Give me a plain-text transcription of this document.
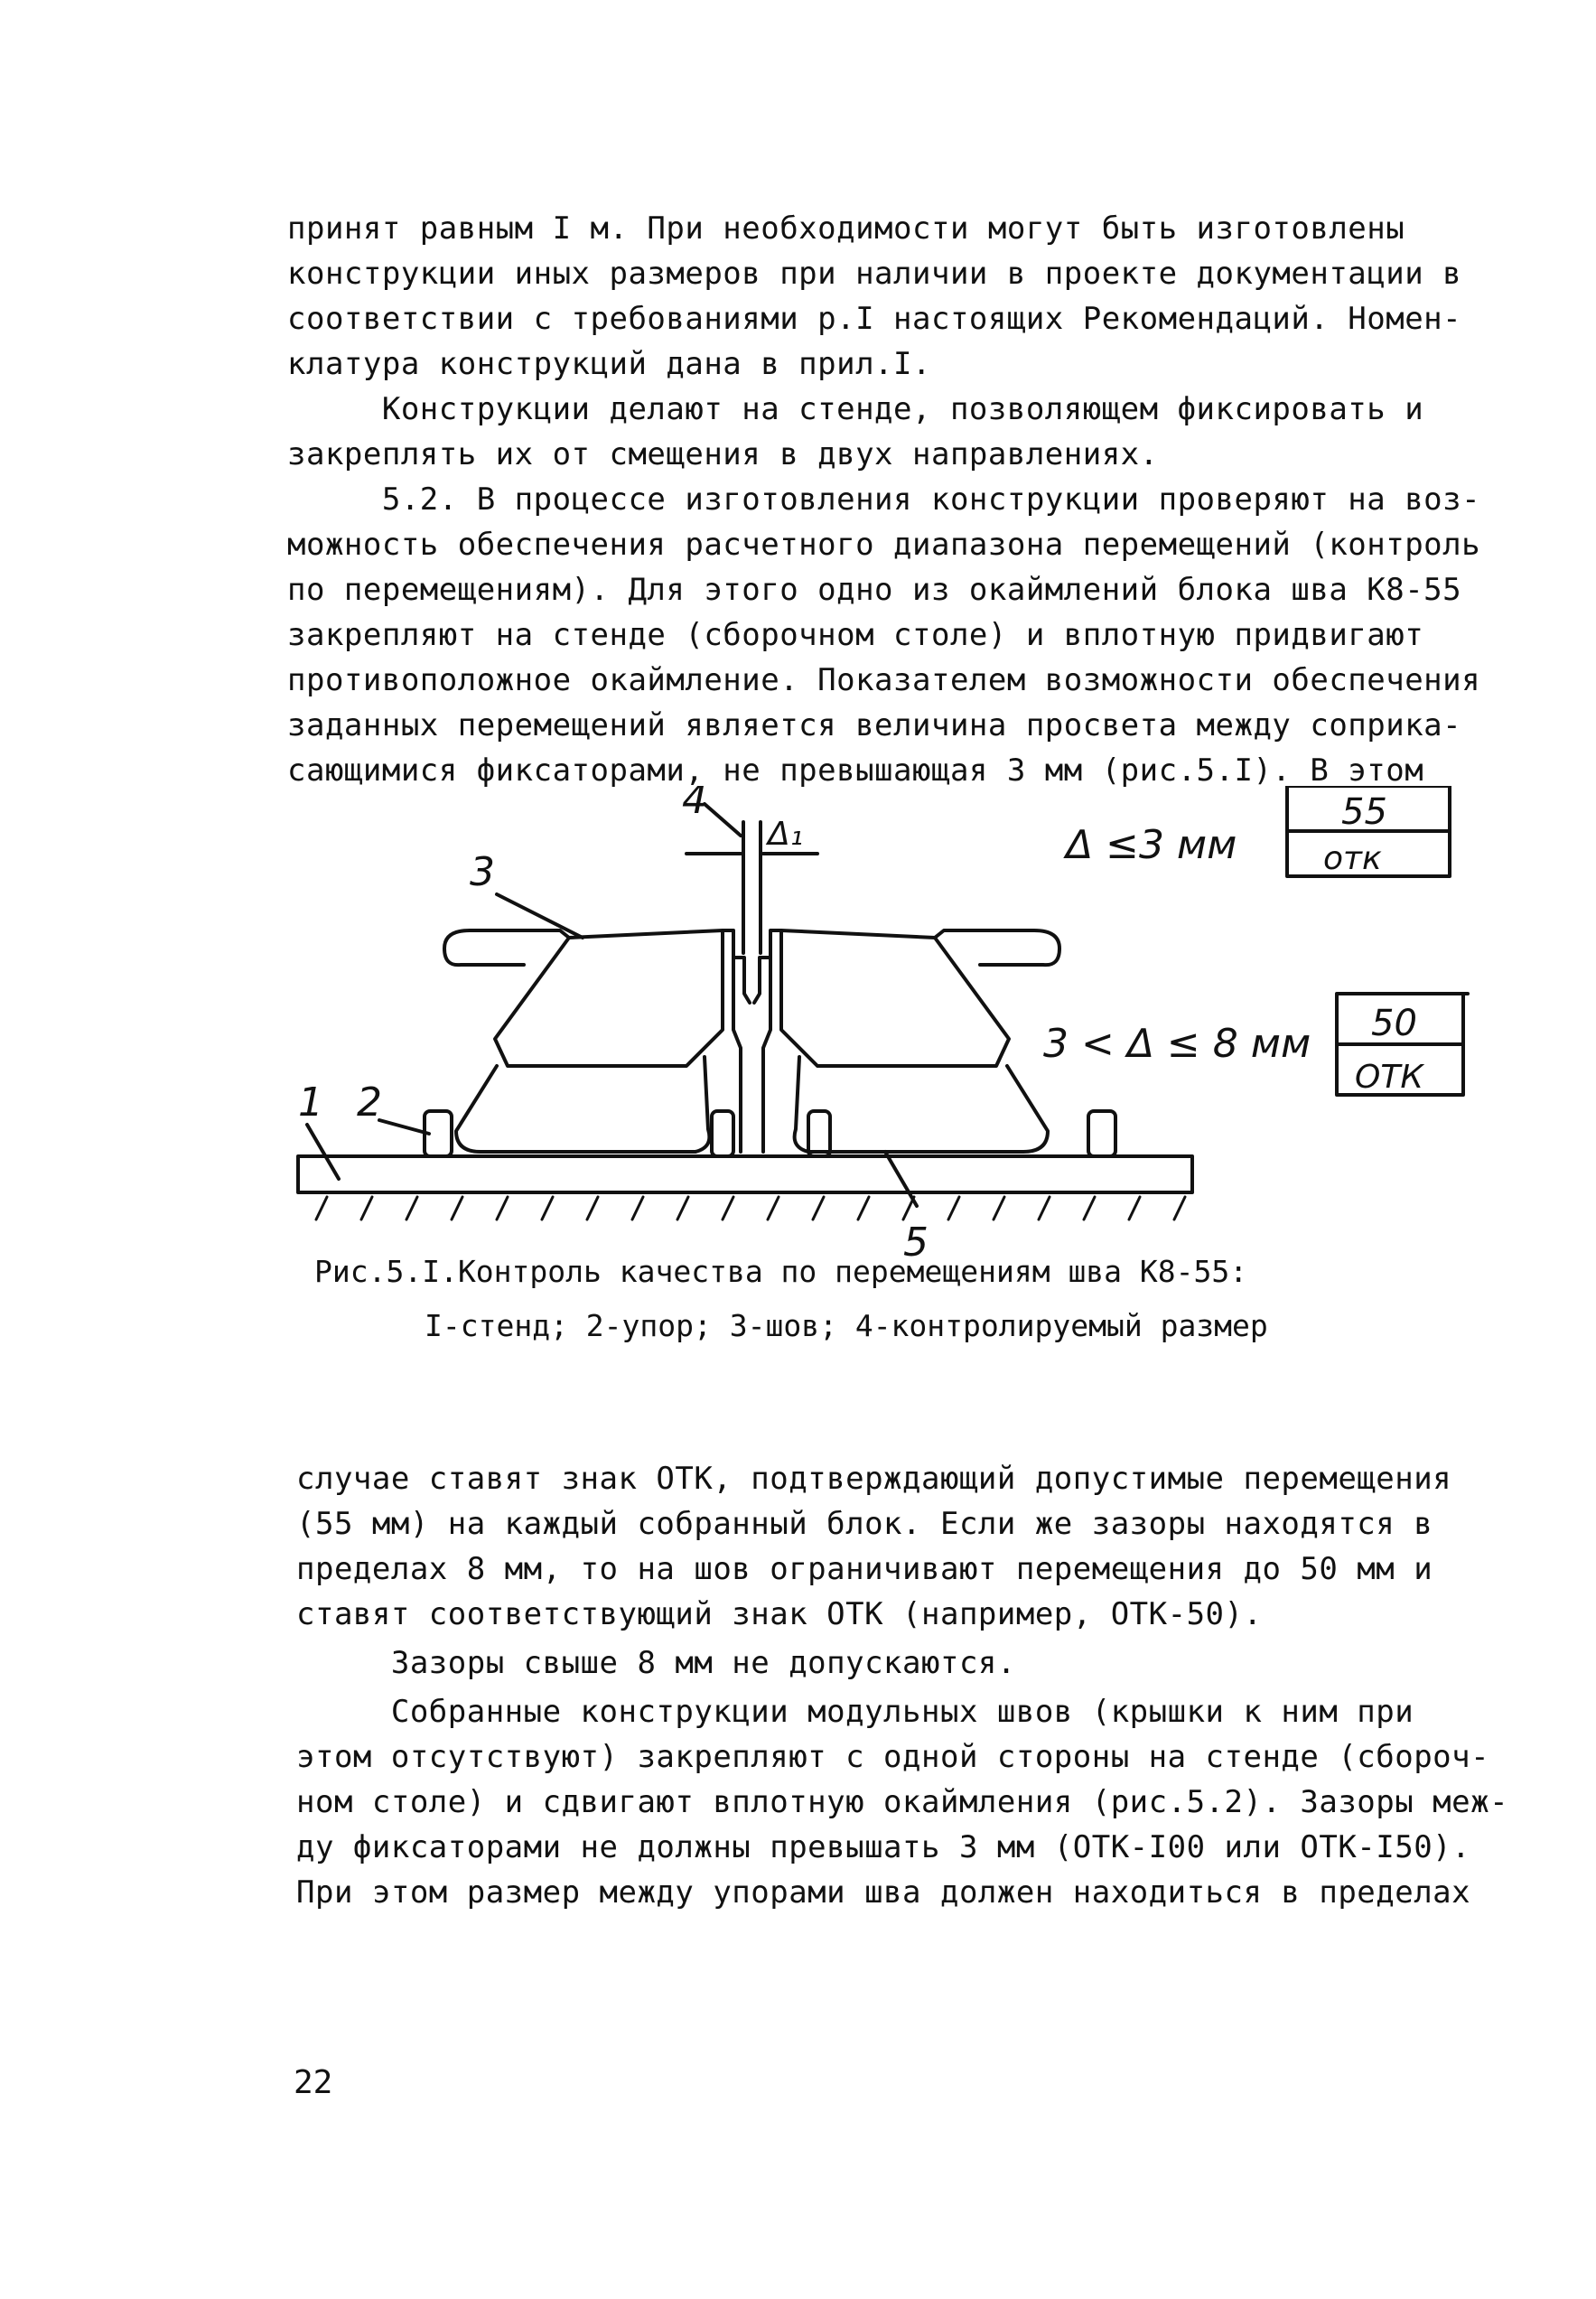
принят равным I м. При необходимости могут быть изготовлены
конструкции иных размеров при наличии в проекте документации в
соответствии с требованиями р.I настоящих Рекомендаций. Номен-
клатура конструкций дана в прил.I.
Конструкции делают на стенде, позволяющем фиксировать и
закреплять их от смещения в двух направлениях.
5.2. В процессе изготовления конструкции проверяют на воз-
можность обеспечения расчетного диапазона перемещений (контроль
по перемещениям). Для этого одно из окаймлений блока шва К8-55
закрепляют на стенде (сборочном столе) и вплотную придвигают
противоположное окаймление. Показателем возможности обеспечения
заданных перемещений является величина просвета между соприка-
сающимися фиксаторами, не превышающая 3 мм (рис.5.I). В этом
4
Δ₁
3
1 2
5
Δ ≤3 мм
55
отк
3 < Δ ≤ 8 мм 50
ОТК
Рис.5.I.Контроль качества по перемещениям шва К8-55:
I-стенд; 2-упор; 3-шов; 4-контролируемый размер
случае ставят знак ОТК, подтверждающий допустимые перемещения
(55 мм) на каждый собранный блок. Если же зазоры находятся в
пределах 8 мм, то на шов ограничивают перемещения до 50 мм и
ставят соответствующий знак ОТК (например, ОТК-50).
Зазоры свыше 8 мм не допускаются.
Собранные конструкции модульных швов (крышки к ним при
этом отсутствуют) закрепляют с одной стороны на стенде (сбороч-
ном столе) и сдвигают вплотную окаймления (рис.5.2). Зазоры меж-
ду фиксаторами не должны превышать 3 мм (ОТК-I00 или ОТК-I50).
При этом размер между упорами шва должен находиться в пределах
22
